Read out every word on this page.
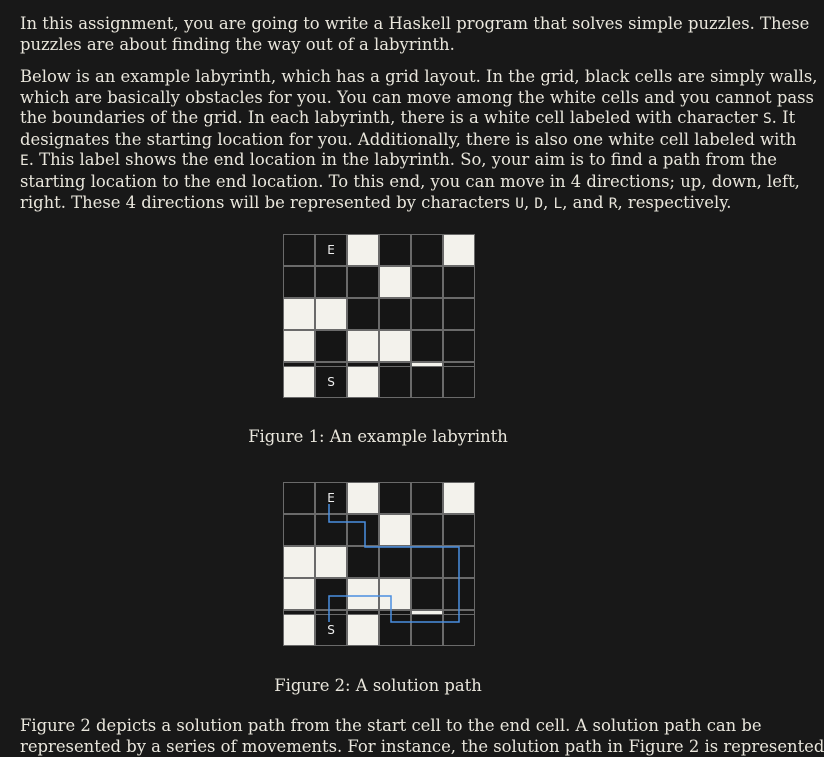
In this assignment, you are going to write a Haskell program that solves simple puzzles. These
puzzles are about finding the way out of a labyrinth.

Below is an example labyrinth, which has a grid layout. In the grid, black cells are simply walls,
which are basically obstacles for you. You can move among the white cells and you cannot pass
the boundaries of the grid. In each labyrinth, there is a white cell labeled with character S. It
designates the starting location for you. Additionally, there is also one white cell labeled with
E. This label shows the end location in the labyrinth. So, your aim is to find a path from the
starting location to the end location. To this end, you can move in 4 directions; up, down, left,
right. These 4 directions will be represented by characters U, D, L, and R, respectively.

E
S
Figure 1: An example labyrinth
E
S
Figure 2: A solution path

Figure 2 depicts a solution path from the start cell to the end cell. A solution path can be
represented by a series of movements. For instance, the solution path in Figure 2 is represented
